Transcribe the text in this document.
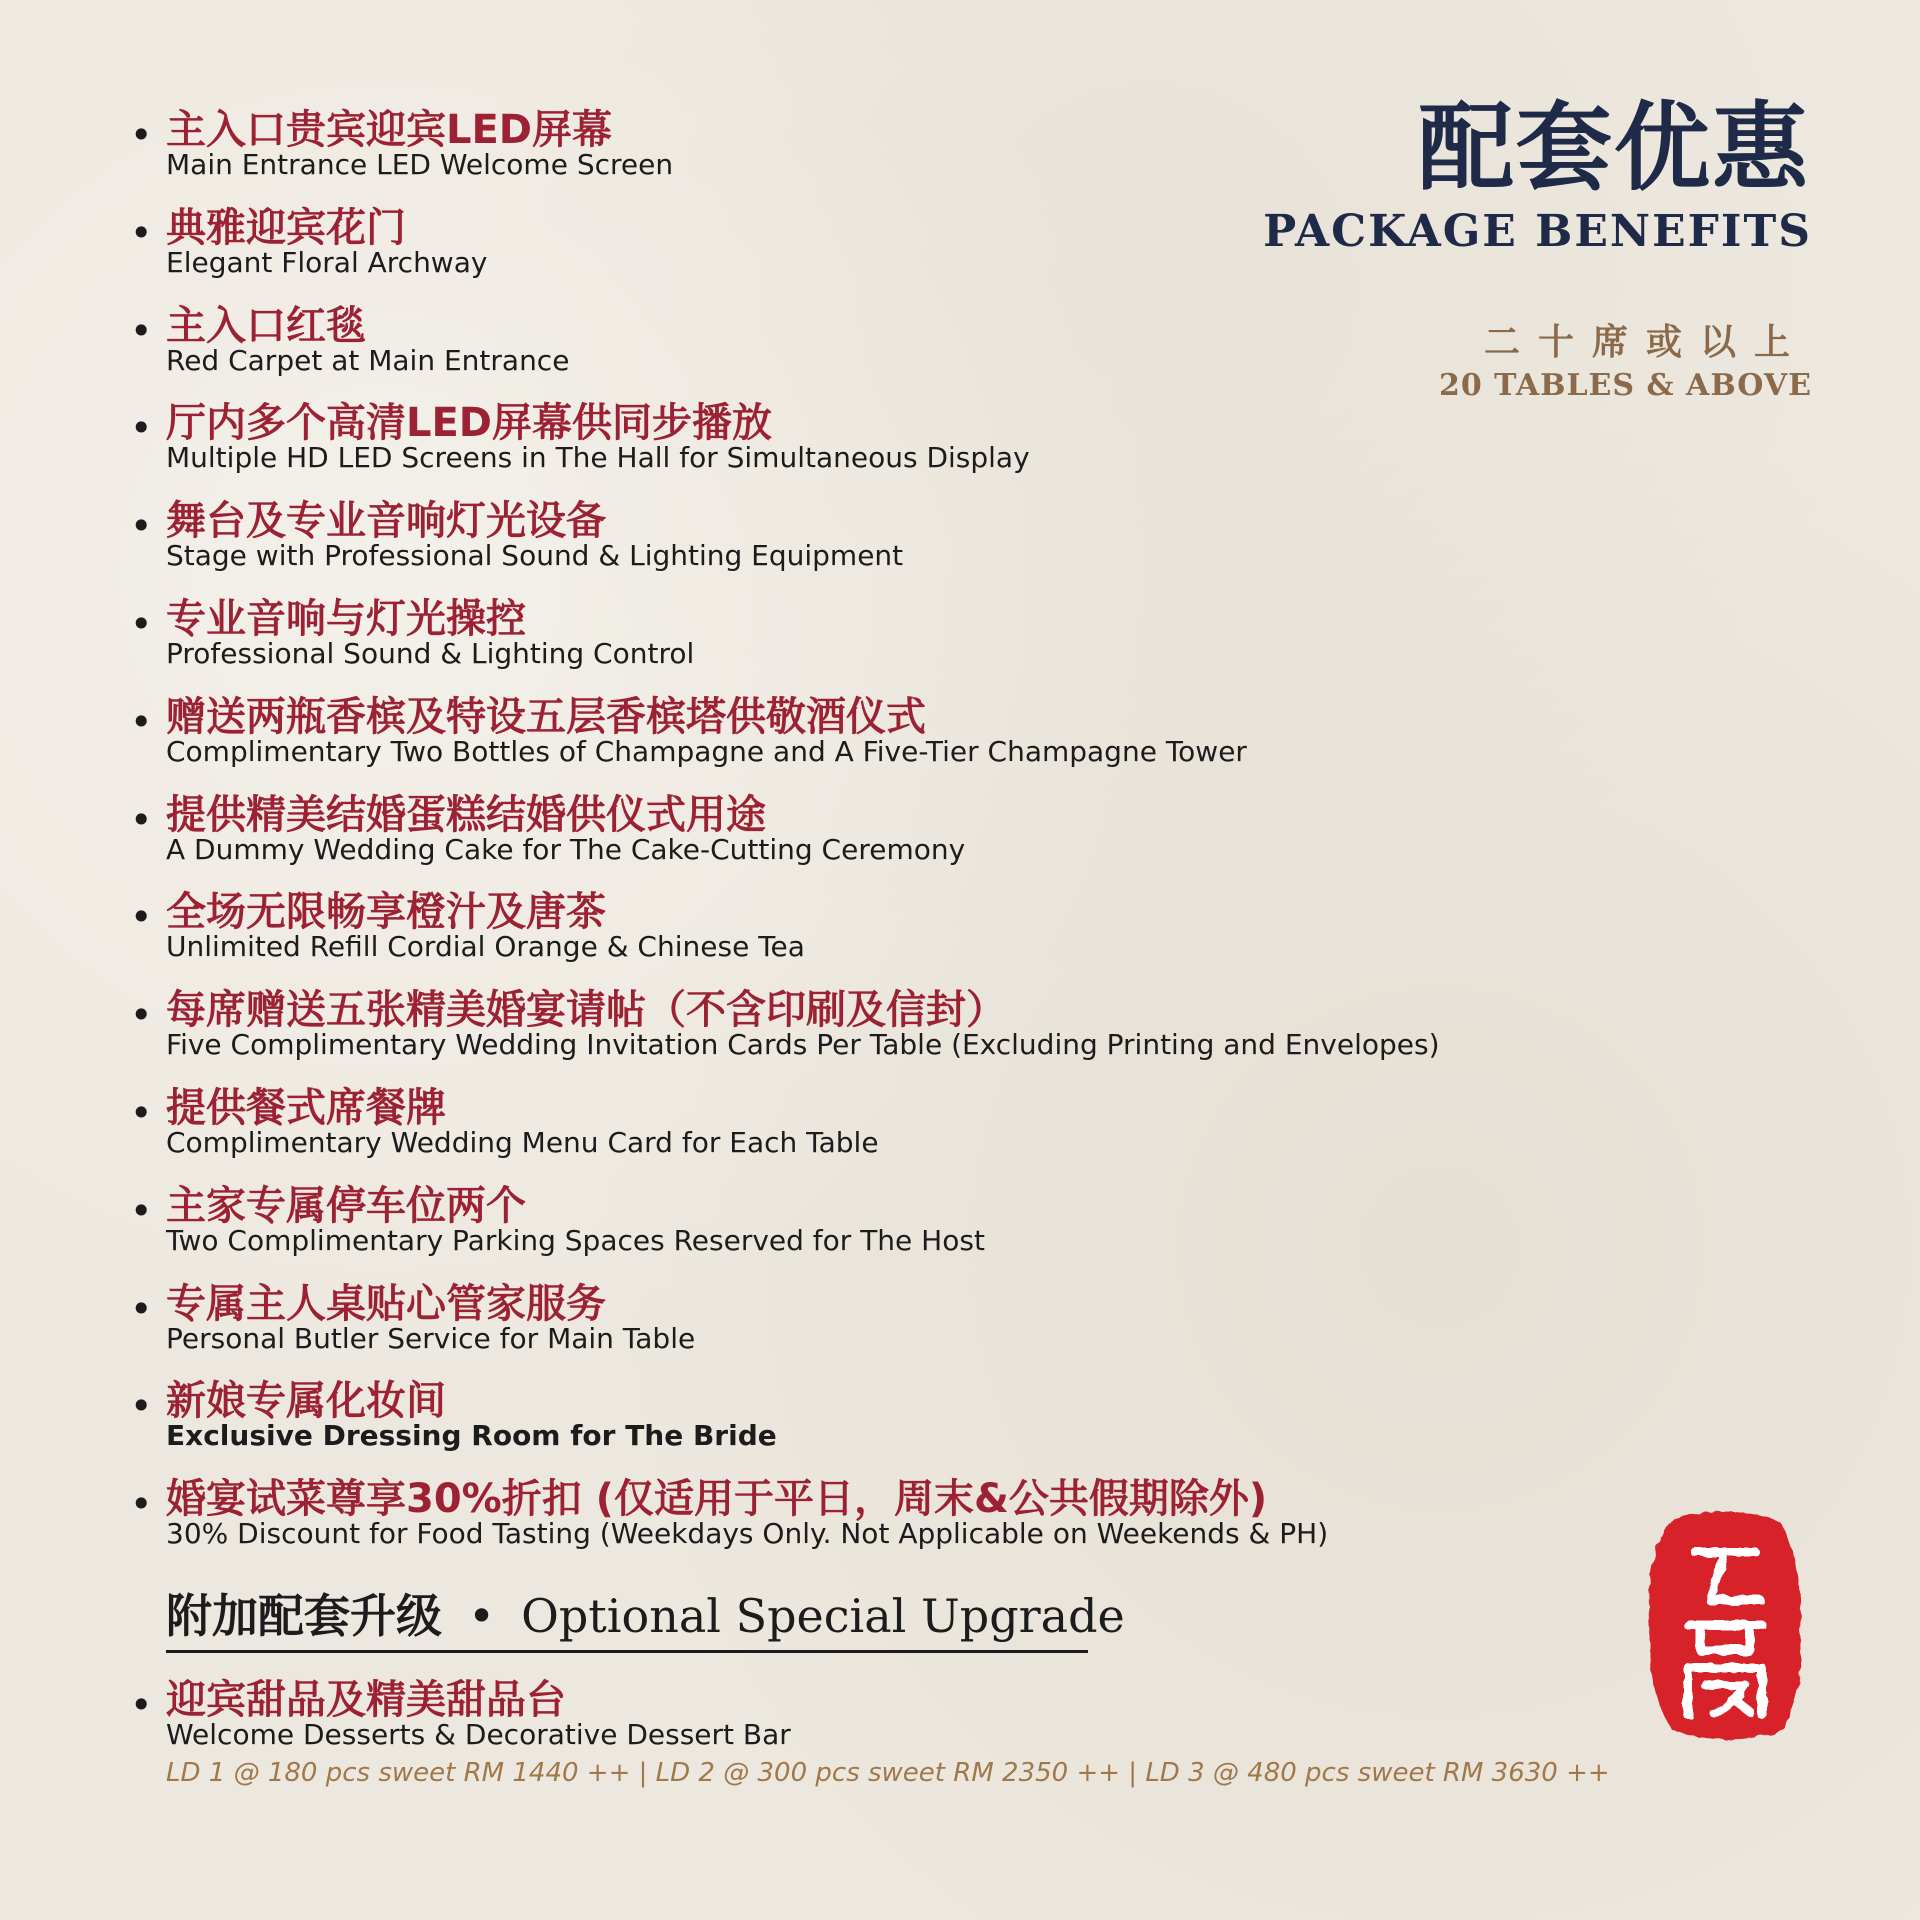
• 主入口贵宾迎宾LED屏幕
Main Entrance LED Welcome Screen
• 典雅迎宾花门
Elegant Floral Archway
• 主入口红毯
Red Carpet at Main Entrance
• 厅内多个高清LED屏幕供同步播放
Multiple HD LED Screens in The Hall for Simultaneous Display
• 舞台及专业音响灯光设备
Stage with Professional Sound & Lighting Equipment
• 专业音响与灯光操控
Professional Sound & Lighting Control
• 赠送两瓶香槟及特设五层香槟塔供敬酒仪式
Complimentary Two Bottles of Champagne and A Five-Tier Champagne Tower
• 提供精美结婚蛋糕结婚供仪式用途
A Dummy Wedding Cake for The Cake-Cutting Ceremony
• 全场无限畅享橙汁及唐茶
Unlimited Refill Cordial Orange & Chinese Tea
• 每席赠送五张精美婚宴请帖（不含印刷及信封）
Five Complimentary Wedding Invitation Cards Per Table (Excluding Printing and Envelopes)
• 提供餐式席餐牌
Complimentary Wedding Menu Card for Each Table
• 主家专属停车位两个
Two Complimentary Parking Spaces Reserved for The Host
• 专属主人桌贴心管家服务
Personal Butler Service for Main Table
• 新娘专属化妆间
Exclusive Dressing Room for The Bride
• 婚宴试菜尊享30%折扣 (仅适用于平日，周末&公共假期除外)
30% Discount for Food Tasting (Weekdays Only. Not Applicable on Weekends & PH)
配套优惠
PACKAGE BENEFITS
二十席或以上
20 TABLES & ABOVE
附加配套升级 • Optional Special Upgrade
• 迎宾甜品及精美甜品台
Welcome Desserts & Decorative Dessert Bar
LD 1 @ 180 pcs sweet RM 1440 ++ | LD 2 @ 300 pcs sweet RM 2350 ++ | LD 3 @ 480 pcs sweet RM 3630 ++
